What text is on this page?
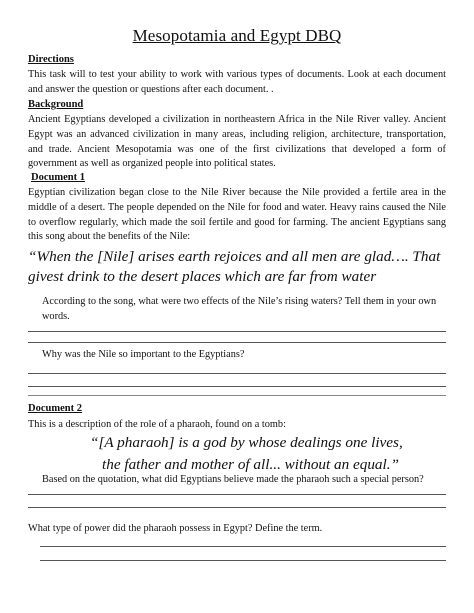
Mesopotamia and Egypt DBQ
Directions

This task will to test your ability to work with various types of documents. Look at each document and answer the question or questions after each document. .

Background

Ancient Egyptians developed a civilization in northeastern Africa in the Nile River valley. Ancient Egypt was an advanced civilization in many areas, including religion, architecture, transportation, and trade. Ancient Mesopotamia was one of the first civilizations that developed a form of government as well as organized people into political states.

Document 1

Egyptian civilization began close to the Nile River because the Nile provided a fertile area in the middle of a desert. The people depended on the Nile for food and water. Heavy rains caused the Nile to overflow regularly, which made the soil fertile and good for farming. The ancient Egyptians sang this song about the benefits of the Nile:

“When the [Nile] arises earth rejoices and all men are glad…. That givest drink to the desert places which are far from water

According to the song, what were two effects of the Nile’s rising waters? Tell them in your own words.

Why was the Nile so important to the Egyptians?

Document 2

This is a description of the role of a pharaoh, found on a tomb:

“[A pharaoh] is a god by whose dealings one lives,

the father and mother of all... without an equal.”

Based on the quotation, what did Egyptians believe made the pharaoh such a special person?

What type of power did the pharaoh possess in Egypt? Define the term.
